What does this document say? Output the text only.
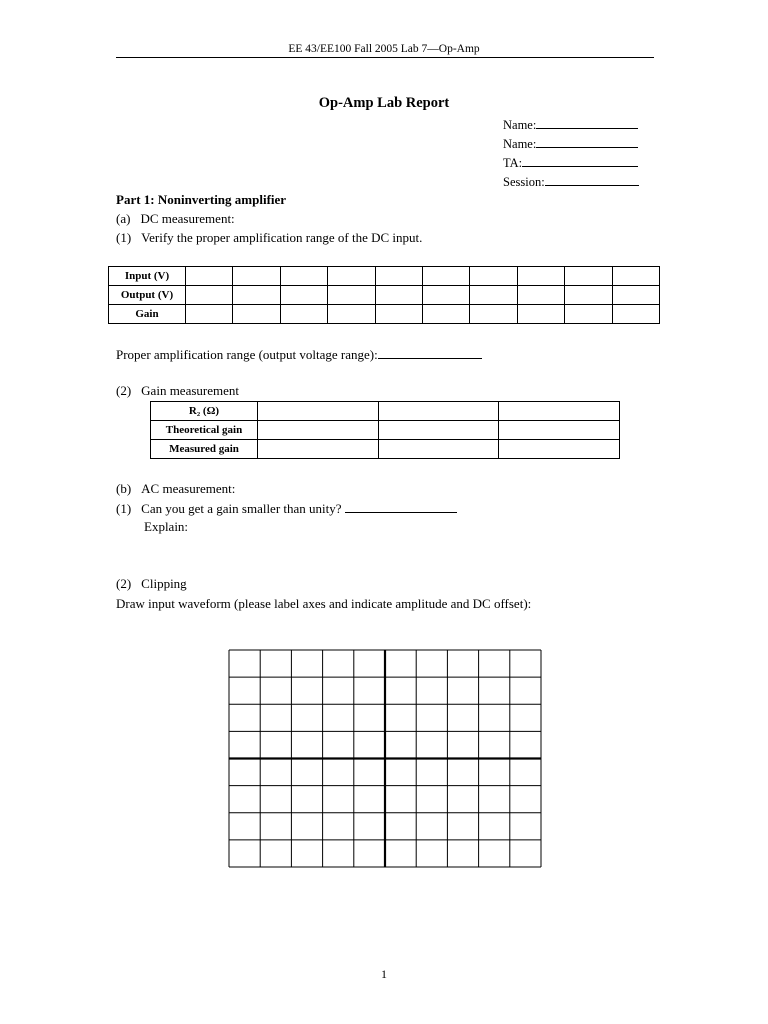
EE 43/EE100 Fall 2005 Lab 7—Op-Amp
Op-Amp Lab Report
Name:
Name:
TA:
Session:
Part 1: Noninverting amplifier
(a) DC measurement:
(1) Verify the proper amplification range of the DC input.
Input (V)										
Output (V)										
Gain										
Proper amplification range (output voltage range):
(2) Gain measurement
R₂ (Ω)			
Theoretical gain			
Measured gain			
(b) AC measurement:
(1) Can you get a gain smaller than unity?
Explain:
(2) Clipping
Draw input waveform (please label axes and indicate amplitude and DC offset):
1
